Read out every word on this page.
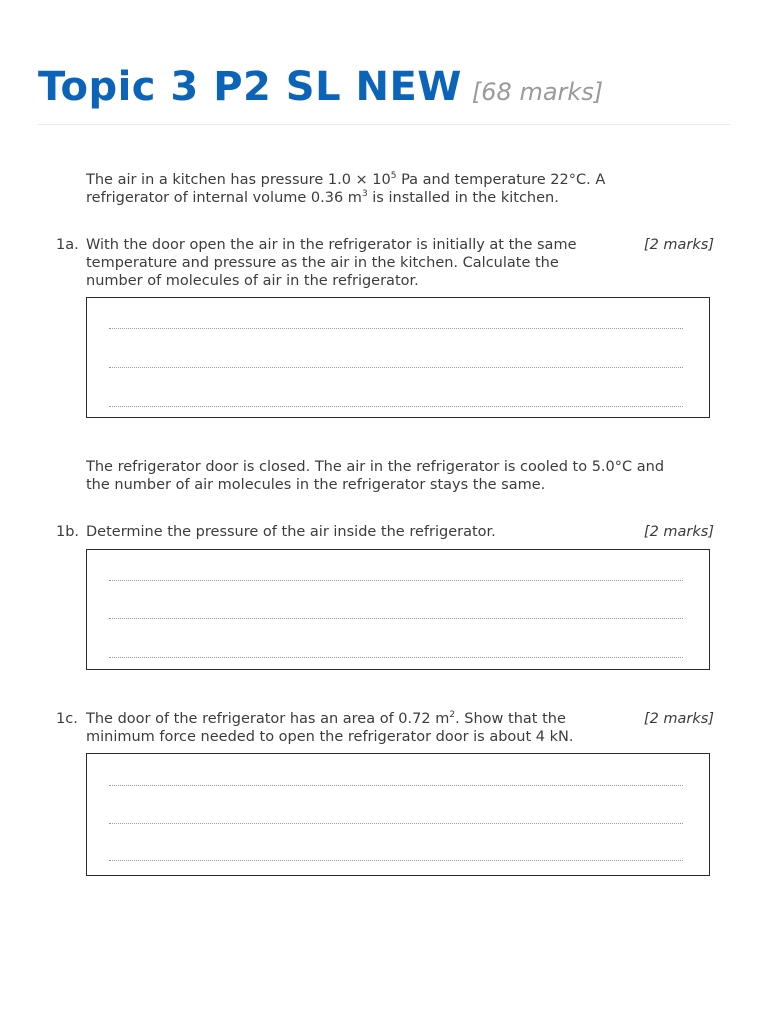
Topic 3 P2 SL NEW [68 marks]
The air in a kitchen has pressure $1.0 \times 10^5$ Pa and temperature 22°C. A
refrigerator of internal volume 0.36 $m^3$ is installed in the kitchen.
1a. With the door open the air in the refrigerator is initially at the same
temperature and pressure as the air in the kitchen. Calculate the
number of molecules of air in the refrigerator.
[2 marks]
The refrigerator door is closed. The air in the refrigerator is cooled to 5.0°C and
the number of air molecules in the refrigerator stays the same.
1b. Determine the pressure of the air inside the refrigerator.	[2 marks]
1c. The door of the refrigerator has an area of 0.72 $m^2$. Show that the
minimum force needed to open the refrigerator door is about 4 kN.
[2 marks]
